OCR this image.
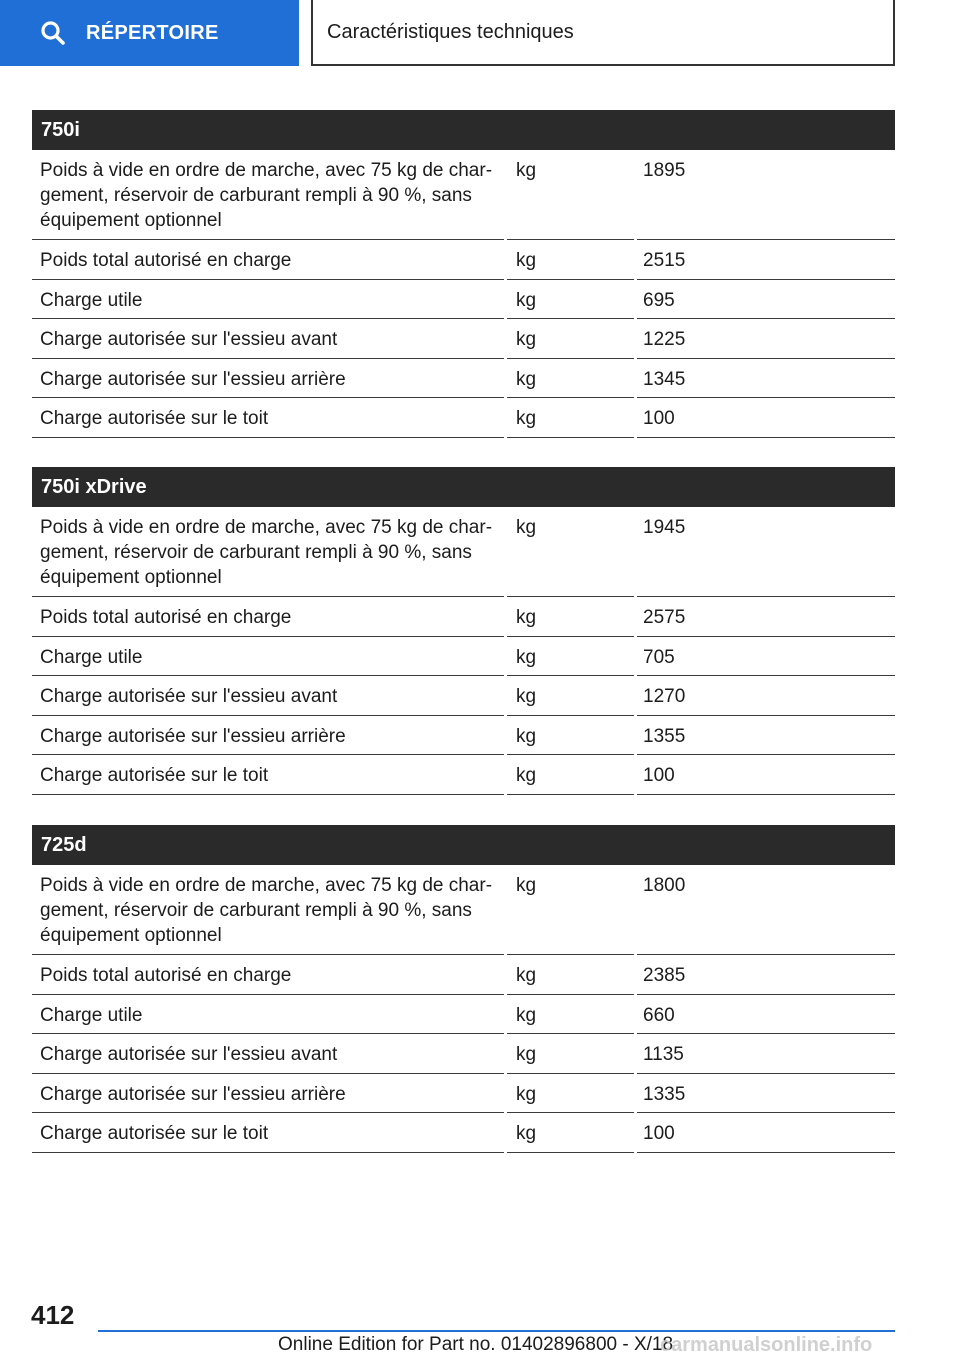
RÉPERTOIRE	Caractéristiques techniques
750i
Poids à vide en ordre de marche, avec 75 kg de char-
gement, réservoir de carburant rempli à 90 %, sans
équipement optionnel
kg	1895
Poids total autorisé en charge	kg	2515
Charge utile	kg	695
Charge autorisée sur l'essieu avant	kg	1225
Charge autorisée sur l'essieu arrière	kg	1345
Charge autorisée sur le toit	kg	100
750i xDrive
Poids à vide en ordre de marche, avec 75 kg de char-
gement, réservoir de carburant rempli à 90 %, sans
équipement optionnel
kg	1945
Poids total autorisé en charge	kg	2575
Charge utile	kg	705
Charge autorisée sur l'essieu avant	kg	1270
Charge autorisée sur l'essieu arrière	kg	1355
Charge autorisée sur le toit	kg	100
725d
Poids à vide en ordre de marche, avec 75 kg de char-
gement, réservoir de carburant rempli à 90 %, sans
équipement optionnel
kg	1800
Poids total autorisé en charge	kg	2385
Charge utile	kg	660
Charge autorisée sur l'essieu avant	kg	1135
Charge autorisée sur l'essieu arrière	kg	1335
Charge autorisée sur le toit	kg	100
412
Online Edition for Part no. 01402896800 - X/18
carmanualsonline.info
